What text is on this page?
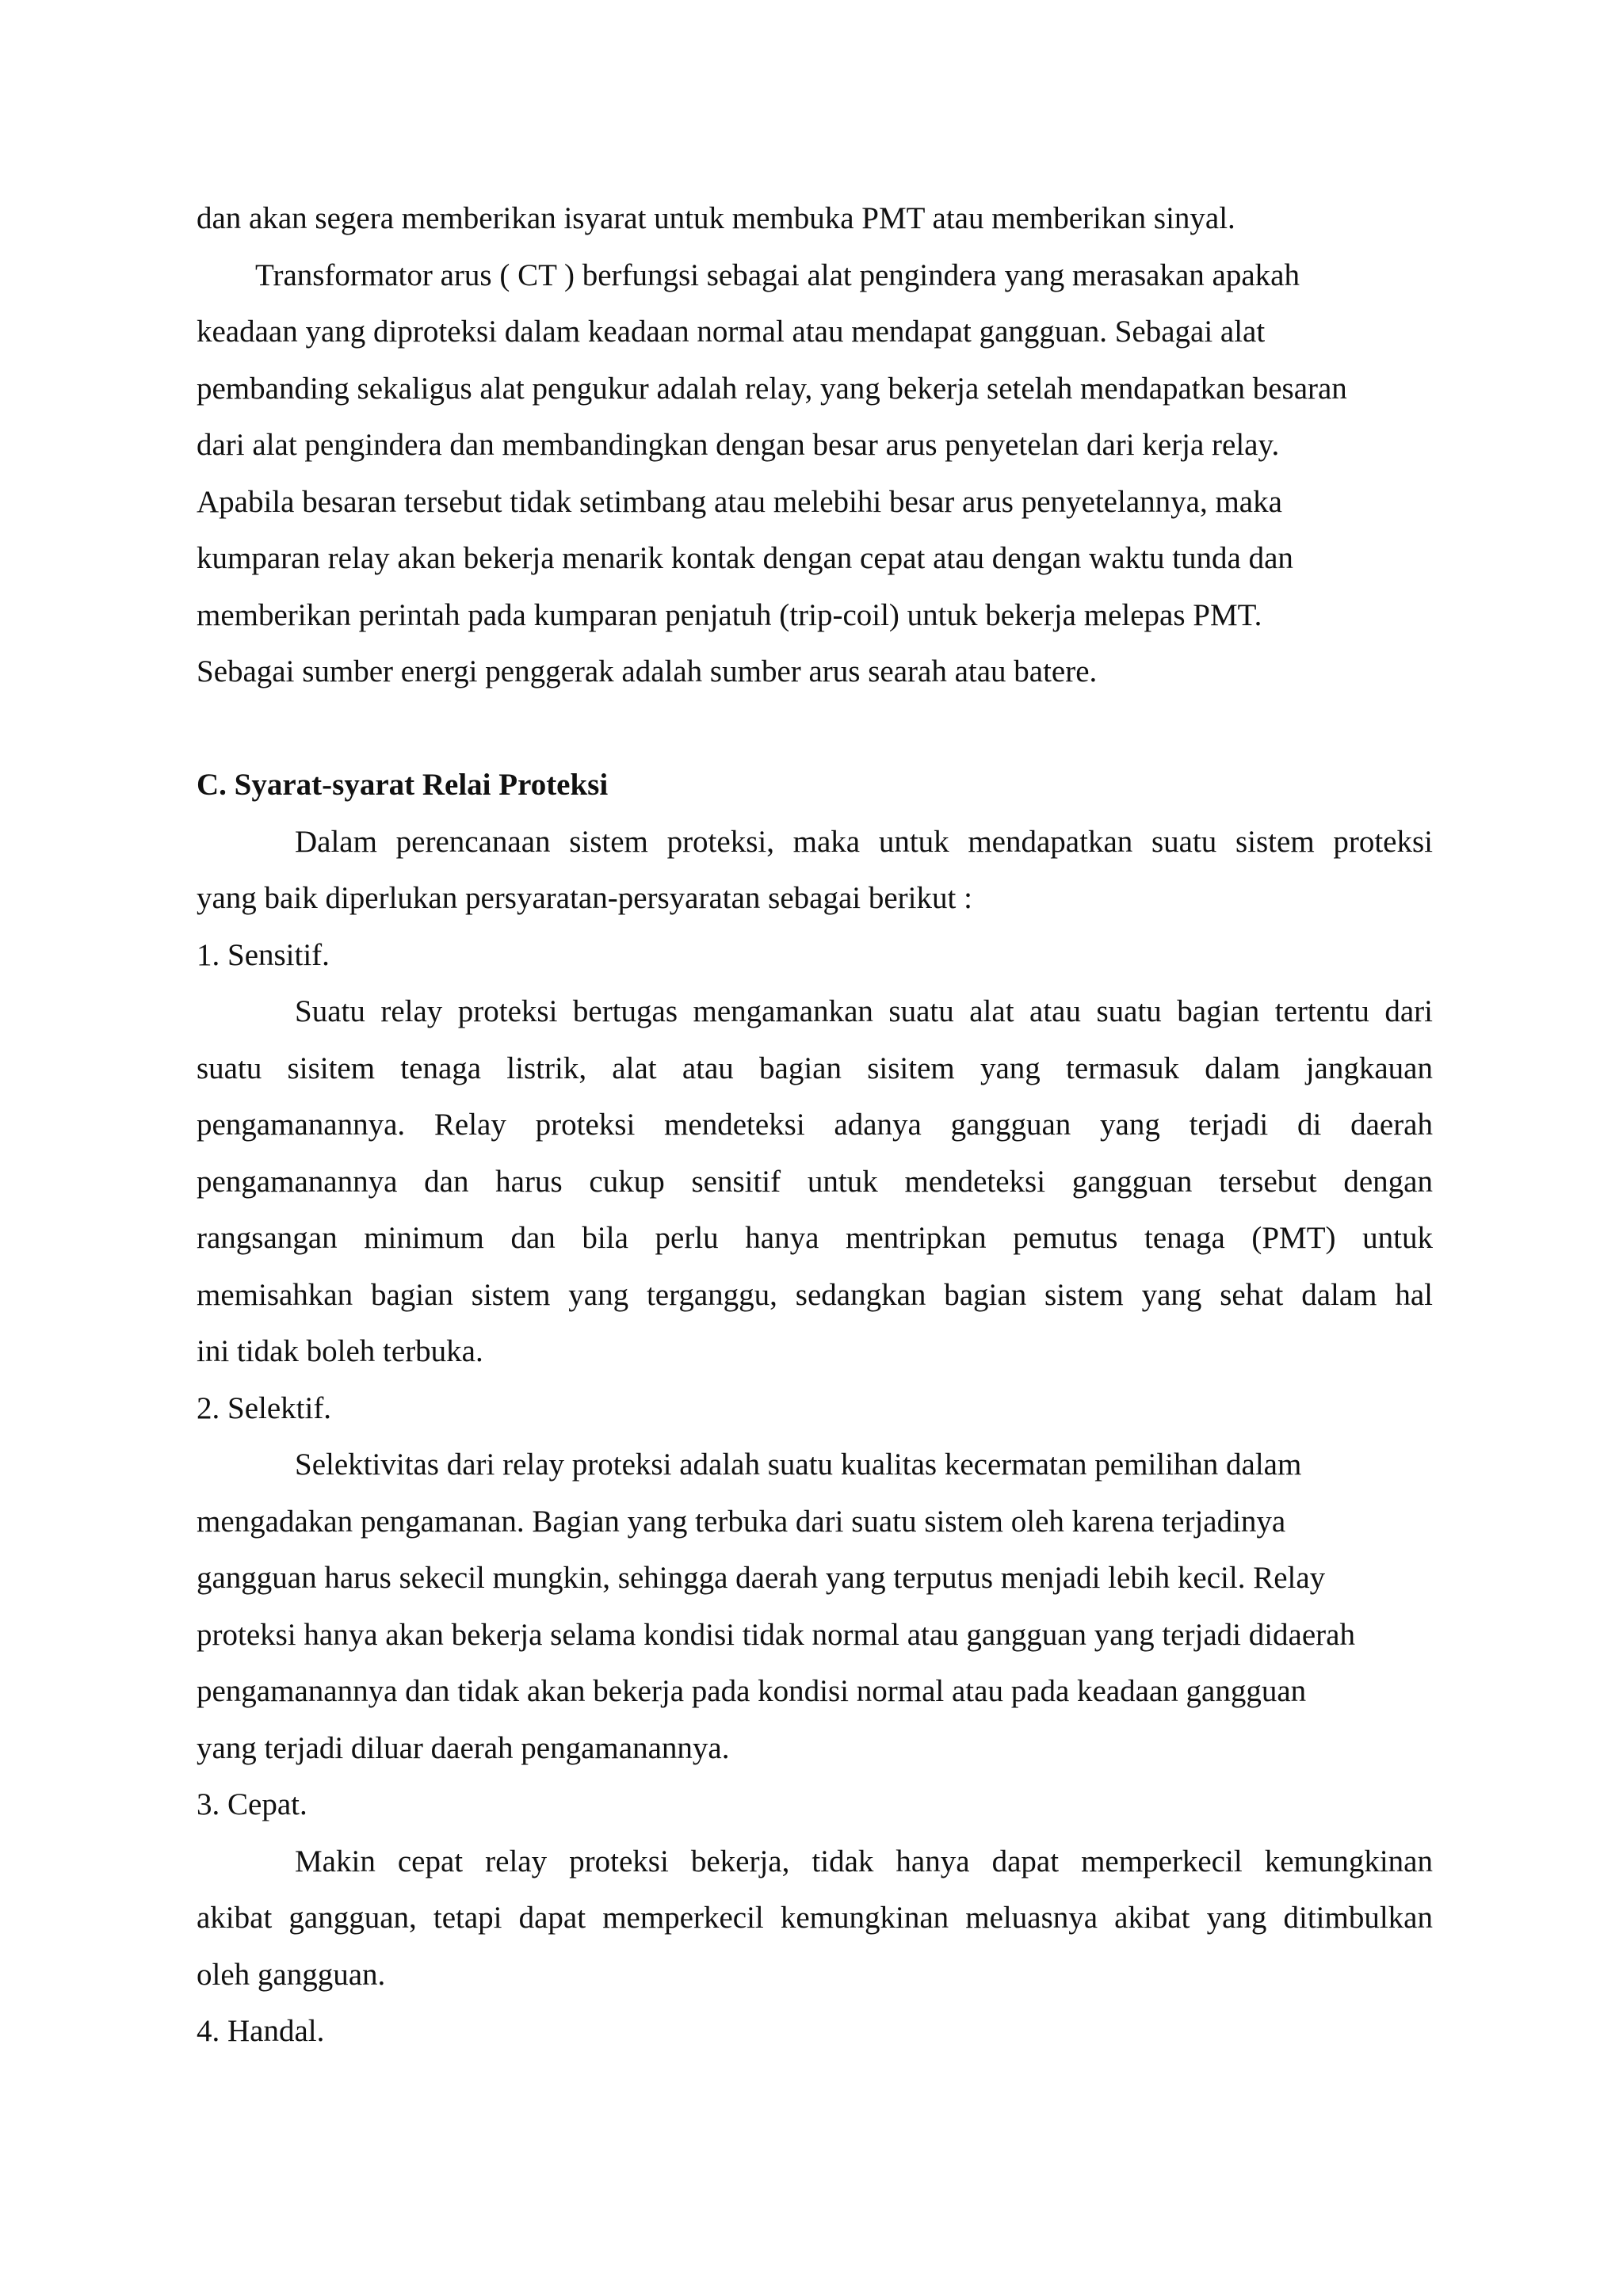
dan akan segera memberikan isyarat untuk membuka PMT atau memberikan sinyal.
Transformator arus ( CT ) berfungsi sebagai alat pengindera yang merasakan apakah
keadaan yang diproteksi dalam keadaan normal atau mendapat gangguan. Sebagai alat
pembanding sekaligus alat pengukur adalah relay, yang bekerja setelah mendapatkan besaran
dari alat pengindera dan membandingkan dengan besar arus penyetelan dari kerja relay.
Apabila besaran tersebut tidak setimbang atau melebihi besar arus penyetelannya, maka
kumparan relay akan bekerja menarik kontak dengan cepat atau dengan waktu tunda dan
memberikan perintah pada kumparan penjatuh (trip-coil) untuk bekerja melepas PMT.
Sebagai sumber energi penggerak adalah sumber arus searah atau batere.
C. Syarat-syarat Relai Proteksi
Dalam perencanaan sistem proteksi, maka untuk mendapatkan suatu sistem proteksi
yang baik diperlukan persyaratan-persyaratan sebagai berikut :
1. Sensitif.
Suatu relay proteksi bertugas mengamankan suatu alat atau suatu bagian tertentu dari
suatu sisitem tenaga listrik, alat atau bagian sisitem yang termasuk dalam jangkauan
pengamanannya. Relay proteksi mendeteksi adanya gangguan yang terjadi di daerah
pengamanannya dan harus cukup sensitif untuk mendeteksi gangguan tersebut dengan
rangsangan minimum dan bila perlu hanya mentripkan pemutus tenaga (PMT) untuk
memisahkan bagian sistem yang terganggu, sedangkan bagian sistem yang sehat dalam hal
ini tidak boleh terbuka.
2. Selektif.
Selektivitas dari relay proteksi adalah suatu kualitas kecermatan pemilihan dalam
mengadakan pengamanan. Bagian yang terbuka dari suatu sistem oleh karena terjadinya
gangguan harus sekecil mungkin, sehingga daerah yang terputus menjadi lebih kecil. Relay
proteksi hanya akan bekerja selama kondisi tidak normal atau gangguan yang terjadi didaerah
pengamanannya dan tidak akan bekerja pada kondisi normal atau pada keadaan gangguan
yang terjadi diluar daerah pengamanannya.
3. Cepat.
Makin cepat relay proteksi bekerja, tidak hanya dapat memperkecil kemungkinan
akibat gangguan, tetapi dapat memperkecil kemungkinan meluasnya akibat yang ditimbulkan
oleh gangguan.
4. Handal.
